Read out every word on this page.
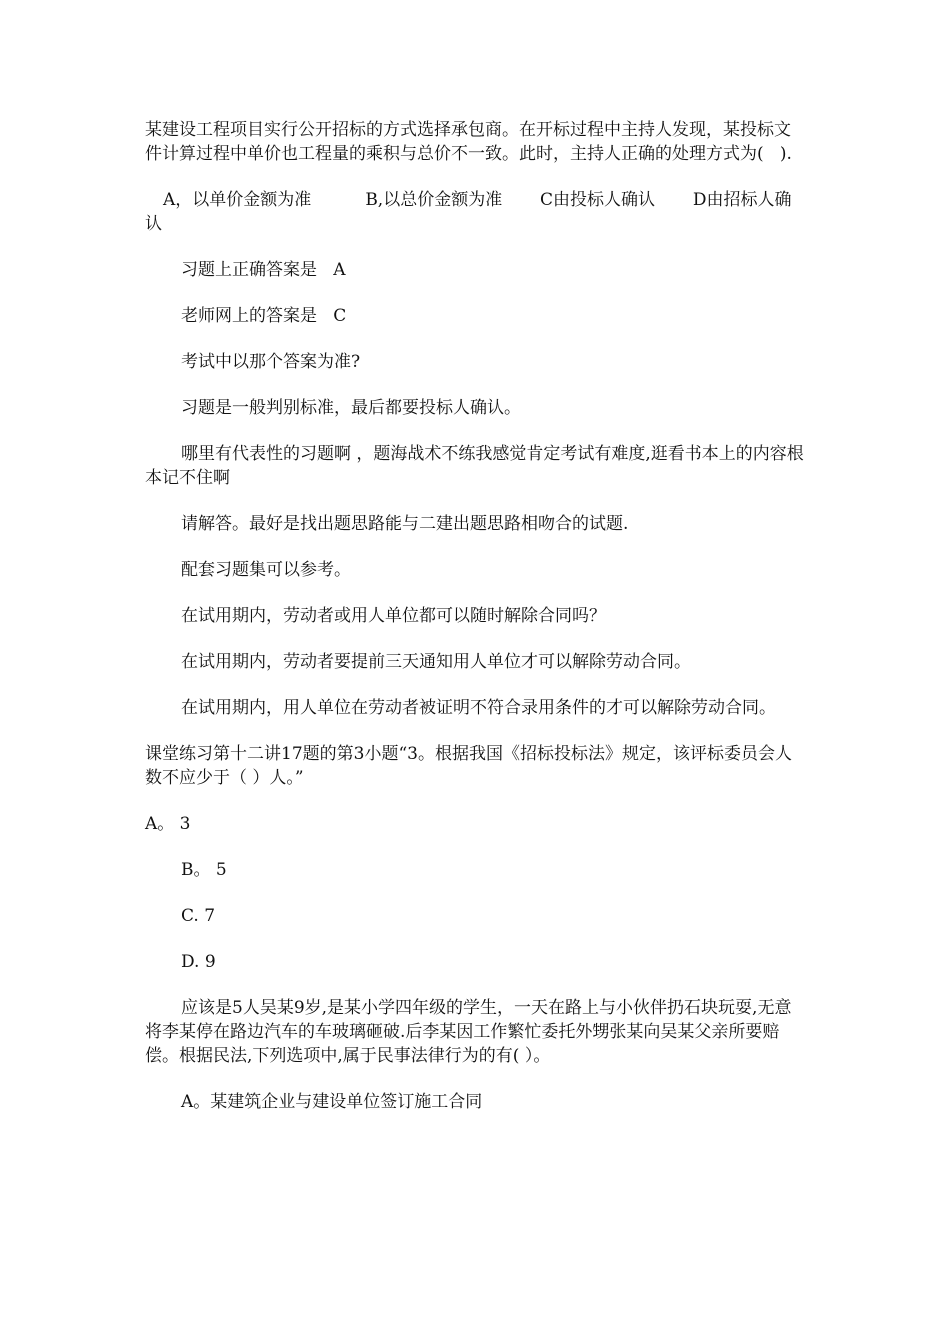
某建设工程项目实行公开招标的方式选择承包商。在开标过程中主持人发现，某投标文件计算过程中单价也工程量的乘积与总价不一致。此时，主持人正确的处理方式为(   ).

A，以单价金额为准          B,以总价金额为准       C由投标人确认       D由招标人确认

习题上正确答案是   A

老师网上的答案是   C

考试中以那个答案为准?

习题是一般判别标准，最后都要投标人确认。

哪里有代表性的习题啊 ，题海战术不练我感觉肯定考试有难度,逛看书本上的内容根本记不住啊

请解答。最好是找出题思路能与二建出题思路相吻合的试题.

配套习题集可以参考。

在试用期内，劳动者或用人单位都可以随时解除合同吗？

在试用期内，劳动者要提前三天通知用人单位才可以解除劳动合同。

在试用期内，用人单位在劳动者被证明不符合录用条件的才可以解除劳动合同。

课堂练习第十二讲17题的第3小题“3。根据我国《招标投标法》规定，该评标委员会人数不应少于（ ）人。”

A。 3

B。 5

C. 7

D. 9

应该是5人吴某9岁,是某小学四年级的学生，一天在路上与小伙伴扔石块玩耍,无意将李某停在路边汽车的车玻璃砸破.后李某因工作繁忙委托外甥张某向吴某父亲所要赔偿。根据民法,下列选项中,属于民事法律行为的有( ）。

A。某建筑企业与建设单位签订施工合同
